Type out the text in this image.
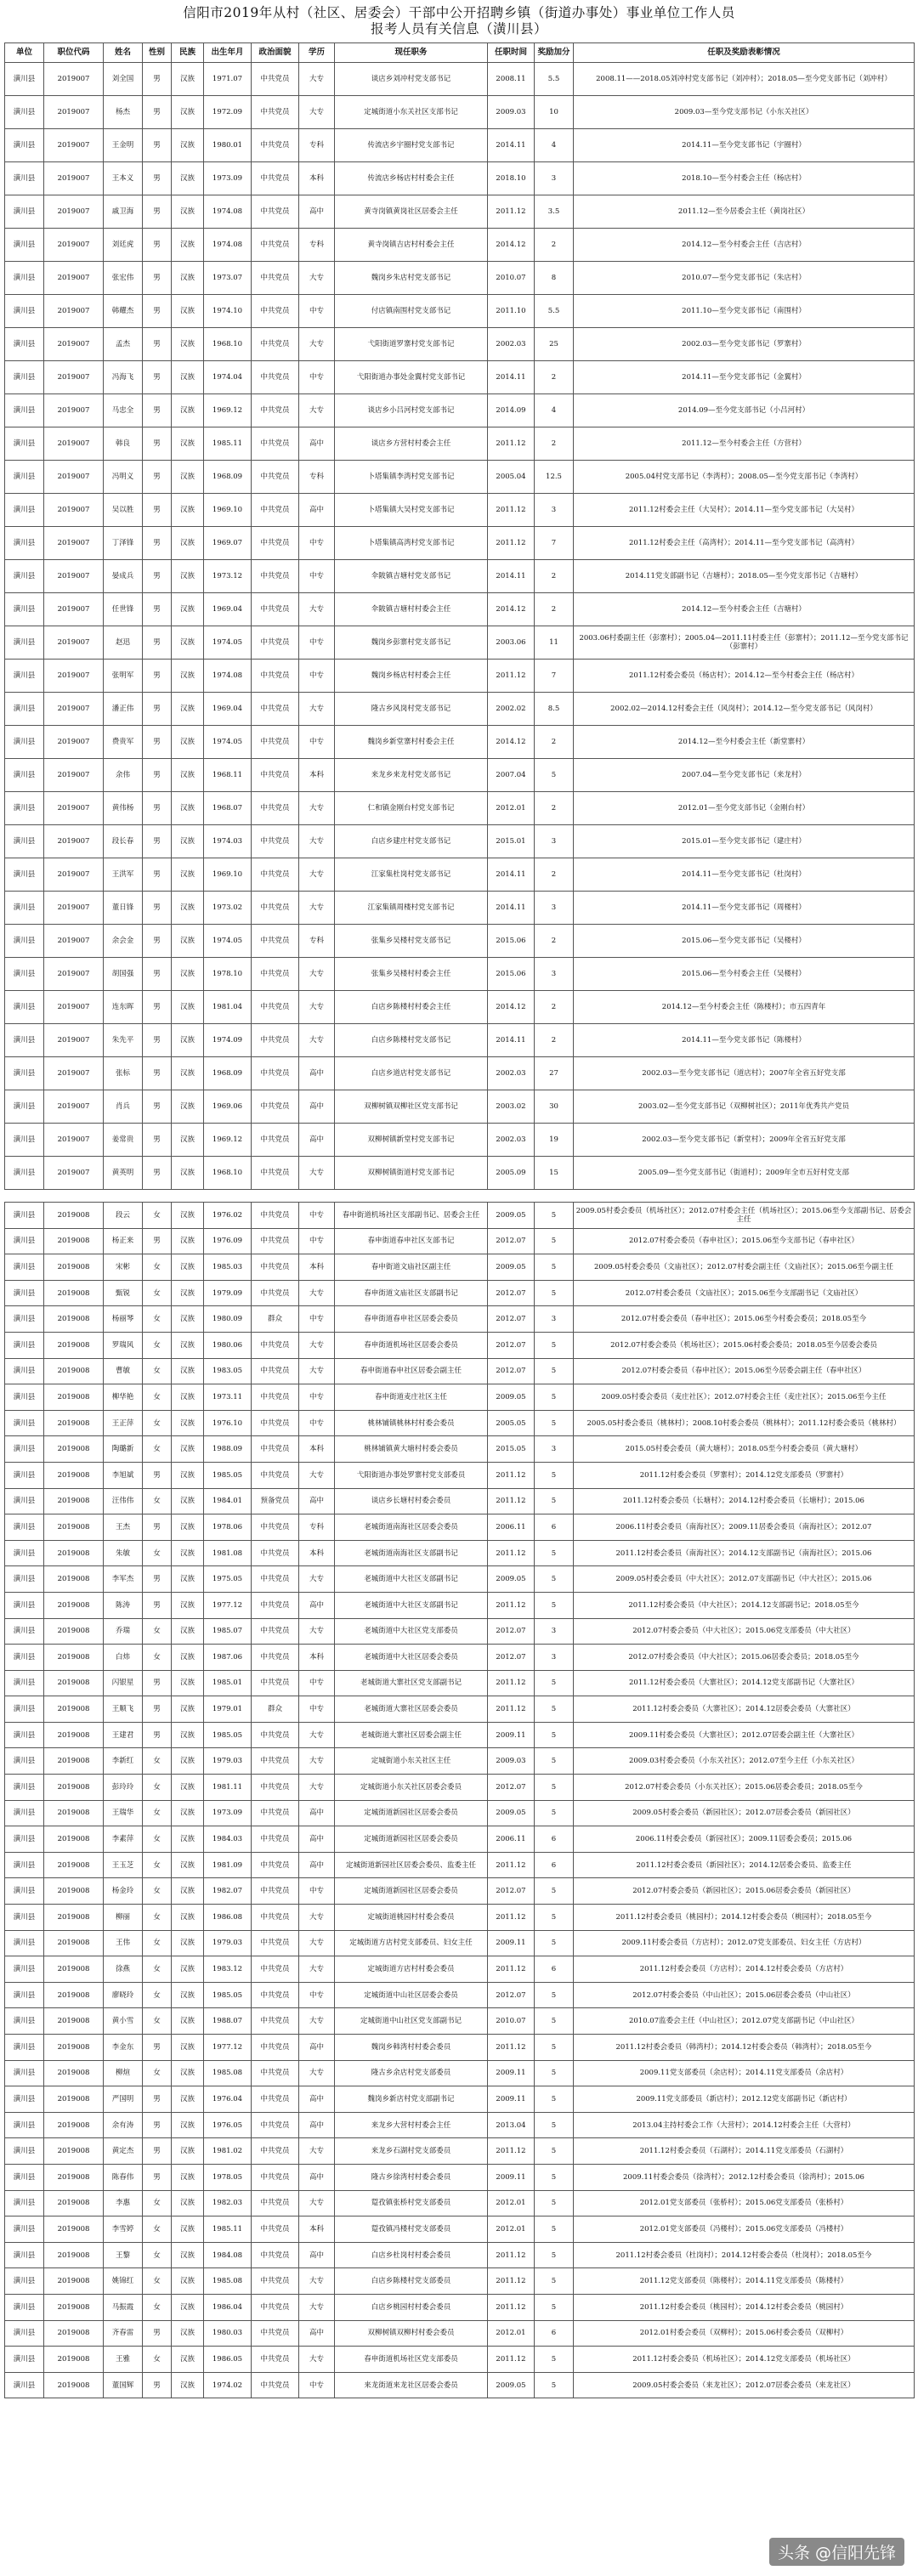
信阳市2019年从村（社区、居委会）干部中公开招聘乡镇（街道办事处）事业单位工作人员
报考人员有关信息（潢川县）
单位	职位代码	姓名	性别	民族	出生年月	政治面貌	学历	现任职务	任职时间	奖励加分	任职及奖励表彰情况
潢川县	2019007	刘全国	男	汉族	1971.07	中共党员	大专	谈店乡刘冲村党支部书记	2008.11	5.5	2008.11——2018.05刘冲村党支部书记（刘冲村）；2018.05—至今党支部书记（刘冲村）
潢川县	2019007	杨杰	男	汉族	1972.09	中共党员	大专	定城街道小东关社区支部书记	2009.03	10	2009.03—至今党支部书记（小东关社区）
潢川县	2019007	王金明	男	汉族	1980.01	中共党员	专科	传流店乡宇圈村党支部书记	2014.11	4	2014.11—至今党支部书记（宇圈村）
潢川县	2019007	王本义	男	汉族	1973.09	中共党员	本科	传流店乡杨店村村委会主任	2018.10	3	2018.10—至今村委会主任（杨店村）
潢川县	2019007	戚卫海	男	汉族	1974.08	中共党员	高中	黄寺岗镇黄岗社区居委会主任	2011.12	3.5	2011.12—至今居委会主任（黄岗社区）
潢川县	2019007	刘廷虎	男	汉族	1974.08	中共党员	专科	黄寺岗镇吉店村村委会主任	2014.12	2	2014.12—至今村委会主任（吉店村）
潢川县	2019007	张宏伟	男	汉族	1973.07	中共党员	大专	魏岗乡朱店村党支部书记	2010.07	8	2010.07—至今党支部书记（朱店村）
潢川县	2019007	韩耀杰	男	汉族	1974.10	中共党员	中专	付店镇南围村党支部书记	2011.10	5.5	2011.10—至今党支部书记（南围村）
潢川县	2019007	孟杰	男	汉族	1968.10	中共党员	大专	弋阳街道罗寨村党支部书记	2002.03	25	2002.03—至今党支部书记（罗寨村）
潢川县	2019007	冯海飞	男	汉族	1974.04	中共党员	中专	弋阳街道办事处金翼村党支部书记	2014.11	2	2014.11—至今党支部书记（金翼村）
潢川县	2019007	马忠全	男	汉族	1969.12	中共党员	大专	谈店乡小吕河村党支部书记	2014.09	4	2014.09—至今党支部书记（小吕河村）
潢川县	2019007	韩良	男	汉族	1985.11	中共党员	高中	谈店乡方营村村委会主任	2011.12	2	2011.12—至今村委会主任（方营村）
潢川县	2019007	冯明义	男	汉族	1968.09	中共党员	专科	卜塔集镇李湾村党支部书记	2005.04	12.5	2005.04村党支部书记（李湾村）；2008.05—至今党支部书记（李湾村）
潢川县	2019007	吴以胜	男	汉族	1969.10	中共党员	高中	卜塔集镇大吴村党支部书记	2011.12	3	2011.12村委会主任（大吴村）；2014.11—至今党支部书记（大吴村）
潢川县	2019007	丁泽锋	男	汉族	1969.07	中共党员	中专	卜塔集镇高湾村党支部书记	2011.12	7	2011.12村委会主任（高湾村）；2014.11—至今党支部书记（高湾村）
潢川县	2019007	晏成兵	男	汉族	1973.12	中共党员	中专	伞陂镇吉塘村党支部书记	2014.11	2	2014.11党支部副书记（吉塘村）；2018.05—至今党支部书记（吉塘村）
潢川县	2019007	任世锋	男	汉族	1969.04	中共党员	大专	伞陂镇吉塘村村委会主任	2014.12	2	2014.12—至今村委会主任（吉塘村）
潢川县	2019007	赵迅	男	汉族	1974.05	中共党员	中专	魏岗乡彭寨村党支部书记	2003.06	11	2003.06村委副主任（彭寨村）；2005.04—2011.11村委主任（彭寨村）；2011.12—至今党支部书记（彭寨村）
潢川县	2019007	张明军	男	汉族	1974.08	中共党员	中专	魏岗乡杨店村村委会主任	2011.12	7	2011.12村委会委员（杨店村）；2014.12—至今村委会主任（杨店村）
潢川县	2019007	潘正伟	男	汉族	1969.04	中共党员	大专	隆古乡风岗村党支部书记	2002.02	8.5	2002.02—2014.12村委会主任（风岗村）；2014.12—至今党支部书记（风岗村）
潢川县	2019007	费贵军	男	汉族	1974.05	中共党员	中专	魏岗乡新堂寨村村委会主任	2014.12	2	2014.12—至今村委会主任（新堂寨村）
潢川县	2019007	余伟	男	汉族	1968.11	中共党员	本科	来龙乡来龙村党支部书记	2007.04	5	2007.04—至今党支部书记（来龙村）
潢川县	2019007	黄伟杨	男	汉族	1968.07	中共党员	大专	仁和镇金刚台村党支部书记	2012.01	2	2012.01—至今党支部书记（金刚台村）
潢川县	2019007	段长春	男	汉族	1974.03	中共党员	大专	白店乡建庄村党支部书记	2015.01	3	2015.01—至今党支部书记（建庄村）
潢川县	2019007	王洪军	男	汉族	1969.10	中共党员	大专	江家集杜岗村党支部书记	2014.11	2	2014.11—至今党支部书记（杜岗村）
潢川县	2019007	董日锋	男	汉族	1973.02	中共党员	大专	江家集镇周楼村党支部书记	2014.11	3	2014.11—至今党支部书记（周楼村）
潢川县	2019007	余会金	男	汉族	1974.05	中共党员	专科	张集乡吴楼村党支部书记	2015.06	2	2015.06—至今党支部书记（吴楼村）
潢川县	2019007	胡国强	男	汉族	1978.10	中共党员	大专	张集乡吴楼村村委会主任	2015.06	3	2015.06—至今村委会主任（吴楼村）
潢川县	2019007	连东晖	男	汉族	1981.04	中共党员	大专	白店乡陈楼村村委会主任	2014.12	2	2014.12—至今村委会主任（陈楼村）；市五四青年
潢川县	2019007	朱先平	男	汉族	1974.09	中共党员	大专	白店乡陈楼村党支部书记	2014.11	2	2014.11—至今党支部书记（陈楼村）
潢川县	2019007	张标	男	汉族	1968.09	中共党员	高中	白店乡道店村党支部书记	2002.03	27	2002.03—至今党支部书记（道店村）；2007年全省五好党支部
潢川县	2019007	肖兵	男	汉族	1969.06	中共党员	高中	双柳树镇双柳社区党支部书记	2003.02	30	2003.02—至今党支部书记（双柳树社区）；2011年优秀共产党员
潢川县	2019007	姜常贵	男	汉族	1969.12	中共党员	高中	双柳树镇新堂村党支部书记	2002.03	19	2002.03—至今党支部书记（新堂村）；2009年全省五好党支部
潢川县	2019007	黄英明	男	汉族	1968.10	中共党员	大专	双柳树镇街道村党支部书记	2005.09	15	2005.09—至今党支部书记（街道村）；2009年全市五好村党支部
潢川县	2019008	段云	女	汉族	1976.02	中共党员	中专	春申街道机场社区支部副书记、居委会主任	2009.05	5	2009.05村委会委员（机场社区）；2012.07村委会主任（机场社区）；2015.06至今支部副书记、居委会主任
潢川县	2019008	杨正来	男	汉族	1976.09	中共党员	中专	春申街道春申社区支部书记	2012.07	5	2012.07村委会委员（春申社区）；2015.06至今支部书记（春申社区）
潢川县	2019008	宋彬	女	汉族	1985.03	中共党员	本科	春申街道文庙社区副主任	2009.05	5	2009.05村委会委员（文庙社区）；2012.07村委会副主任（文庙社区）；2015.06至今副主任
潢川县	2019008	甄锐	女	汉族	1979.09	中共党员	大专	春申街道文庙社区支部副书记	2012.07	5	2012.07村委会委员（文庙社区）；2015.06至今支部副书记（文庙社区）
潢川县	2019008	杨丽琴	女	汉族	1980.09	群众	中专	春申街道春申社区居委会委员	2012.07	3	2012.07村委会委员（春申社区）；2015.06至今村委会委员；2018.05至今
潢川县	2019008	罗瑞风	女	汉族	1980.06	中共党员	大专	春申街道机场社区居委会委员	2012.07	5	2012.07村委会委员（机场社区）；2015.06村委会委员；2018.05至今居委会委员
潢川县	2019008	曹敏	女	汉族	1983.05	中共党员	大专	春申街道春申社区居委会副主任	2012.07	5	2012.07村委会委员（春申社区）；2015.06至今居委会副主任（春申社区）
潢川县	2019008	柳华艳	女	汉族	1973.11	中共党员	中专	春申街道麦庄社区主任	2009.05	5	2009.05村委会委员（麦庄社区）；2012.07村委会主任（麦庄社区）；2015.06至今主任
潢川县	2019008	王正萍	女	汉族	1976.10	中共党员	中专	桃林铺镇桃林村村委会委员	2005.05	5	2005.05村委会委员（桃林村）；2008.10村委会委员（桃林村）；2011.12村委会委员（桃林村）
潢川县	2019008	陶璐新	女	汉族	1988.09	中共党员	本科	桃林铺镇黄大塘村村委会委员	2015.05	3	2015.05村委会委员（黄大塘村）；2018.05至今村委会委员（黄大塘村）
潢川县	2019008	李旭斌	男	汉族	1985.05	中共党员	大专	弋阳街道办事处罗寨村党支部委员	2011.12	5	2011.12村委会委员（罗寨村）；2014.12党支部委员（罗寨村）
潢川县	2019008	汪伟伟	女	汉族	1984.01	预备党员	高中	谈店乡长塘村村委会委员	2011.12	5	2011.12村委会委员（长塘村）；2014.12村委会委员（长塘村）；2015.06
潢川县	2019008	王杰	男	汉族	1978.06	中共党员	专科	老城街道南海社区居委会委员	2006.11	6	2006.11村委会委员（南海社区）；2009.11居委会委员（南海社区）；2012.07
潢川县	2019008	朱敏	女	汉族	1981.08	中共党员	本科	老城街道南海社区支部副书记	2011.12	5	2011.12村委会委员（南海社区）；2014.12支部副书记（南海社区）；2015.06
潢川县	2019008	李军杰	男	汉族	1975.05	中共党员	大专	老城街道中大社区支部副书记	2009.05	5	2009.05村委会委员（中大社区）；2012.07支部副书记（中大社区）；2015.06
潢川县	2019008	陈涛	男	汉族	1977.12	中共党员	高中	老城街道中大社区支部副书记	2011.12	5	2011.12村委会委员（中大社区）；2014.12支部副书记；2018.05至今
潢川县	2019008	乔瑞	女	汉族	1985.07	中共党员	大专	老城街道中大社区党支部委员	2012.07	3	2012.07村委会委员（中大社区）；2015.06党支部委员（中大社区）
潢川县	2019008	白炜	女	汉族	1987.06	中共党员	本科	老城街道中大社区居委会委员	2012.07	3	2012.07村委会委员（中大社区）；2015.06居委会委员；2018.05至今
潢川县	2019008	闪银星	男	汉族	1985.01	中共党员	中专	老城街道大寨社区党支部副书记	2011.12	5	2011.12村委会委员（大寨社区）；2014.12党支部副书记（大寨社区）
潢川县	2019008	王顺飞	男	汉族	1979.01	群众	中专	老城街道大寨社区居委会委员	2011.12	5	2011.12村委会委员（大寨社区）；2014.12居委会委员（大寨社区）
潢川县	2019008	王建君	男	汉族	1985.05	中共党员	大专	老城街道大寨社区居委会副主任	2009.11	5	2009.11村委会委员（大寨社区）；2012.07居委会副主任（大寨社区）
潢川县	2019008	李新红	女	汉族	1979.03	中共党员	大专	定城街道小东关社区主任	2009.03	5	2009.03村委会委员（小东关社区）；2012.07至今主任（小东关社区）
潢川县	2019008	彭玲玲	女	汉族	1981.11	中共党员	大专	定城街道小东关社区居委会委员	2012.07	5	2012.07村委会委员（小东关社区）；2015.06居委会委员；2018.05至今
潢川县	2019008	王瑞华	女	汉族	1973.09	中共党员	高中	定城街道新园社区居委会委员	2009.05	5	2009.05村委会委员（新园社区）；2012.07居委会委员（新园社区）
潢川县	2019008	李素萍	女	汉族	1984.03	中共党员	高中	定城街道新园社区居委会委员	2006.11	6	2006.11村委会委员（新园社区）；2009.11居委会委员；2015.06
潢川县	2019008	王玉芝	女	汉族	1981.09	中共党员	高中	定城街道新园社区居委会委员、监委主任	2011.12	6	2011.12村委会委员（新园社区）；2014.12居委会委员、监委主任
潢川县	2019008	杨金玲	女	汉族	1982.07	中共党员	中专	定城街道新园社区居委会委员	2012.07	5	2012.07村委会委员（新园社区）；2015.06居委会委员（新园社区）
潢川县	2019008	柳丽	女	汉族	1986.08	中共党员	大专	定城街道桃园村村委会委员	2011.12	5	2011.12村委会委员（桃园村）；2014.12村委会委员（桃园村）；2018.05至今
潢川县	2019008	王伟	女	汉族	1979.03	中共党员	大专	定城街道方店村党支部委员、妇女主任	2009.11	5	2009.11村委会委员（方店村）；2012.07党支部委员、妇女主任（方店村）
潢川县	2019008	徐燕	女	汉族	1983.12	中共党员	大专	定城街道方店村村委会委员	2011.12	6	2011.12村委会委员（方店村）；2014.12村委会委员（方店村）
潢川县	2019008	廖晓玲	女	汉族	1985.05	中共党员	中专	定城街道中山社区居委会委员	2012.07	5	2012.07村委会委员（中山社区）；2015.06居委会委员（中山社区）
潢川县	2019008	黄小雪	女	汉族	1988.07	中共党员	大专	定城街道中山社区党支部副书记	2010.07	5	2010.07监委会主任（中山社区）；2012.07党支部副书记（中山社区）
潢川县	2019008	李金东	男	汉族	1977.12	中共党员	高中	魏岗乡韩湾村村委会委员	2011.12	5	2011.12村委会委员（韩湾村）；2014.12村委会委员（韩湾村）；2018.05至今
潢川县	2019008	柳煊	女	汉族	1985.08	中共党员	大专	隆古乡余店村党支部委员	2009.11	5	2009.11党支部委员（余店村）；2014.11党支部委员（余店村）
潢川县	2019008	严国明	男	汉族	1976.04	中共党员	高中	魏岗乡新店村党支部副书记	2009.11	5	2009.11党支部委员（新店村）；2012.12党支部副书记（新店村）
潢川县	2019008	余有涛	男	汉族	1976.05	中共党员	高中	来龙乡大营村村委会主任	2013.04	5	2013.04主持村委会工作（大营村）；2014.12村委会主任（大营村）
潢川县	2019008	黄定杰	男	汉族	1981.02	中共党员	大专	来龙乡石湖村党支部委员	2011.12	5	2011.12村委会委员（石湖村）；2014.11党支部委员（石湖村）
潢川县	2019008	陈春伟	男	汉族	1978.05	中共党员	高中	隆古乡徐湾村村委会委员	2009.11	5	2009.11村委会委员（徐湾村）；2012.12村委会委员（徐湾村）；2015.06
潢川县	2019008	李惠	女	汉族	1982.03	中共党员	大专	踅孜镇张桥村党支部委员	2012.01	5	2012.01党支部委员（张桥村）；2015.06党支部委员（张桥村）
潢川县	2019008	李雪婷	女	汉族	1985.11	中共党员	本科	踅孜镇冯楼村党支部委员	2012.01	5	2012.01党支部委员（冯楼村）；2015.06党支部委员（冯楼村）
潢川县	2019008	王黎	女	汉族	1984.08	中共党员	高中	白店乡杜岗村村委会委员	2011.12	5	2011.12村委会委员（杜岗村）；2014.12村委会委员（杜岗村）；2018.05至今
潢川县	2019008	姚锦红	女	汉族	1985.08	中共党员	大专	白店乡陈楼村党支部委员	2011.12	5	2011.12党支部委员（陈楼村）；2014.11党支部委员（陈楼村）
潢川县	2019008	马振霞	女	汉族	1986.04	中共党员	大专	白店乡桃园村村委会委员	2011.12	5	2011.12村委会委员（桃园村）；2014.12村委会委员（桃园村）
潢川县	2019008	齐春雷	男	汉族	1980.03	中共党员	高中	双柳树镇双柳村村委会委员	2012.01	6	2012.01村委会委员（双柳村）；2015.06村委会委员（双柳村）
潢川县	2019008	王雅	女	汉族	1986.05	中共党员	大专	春申街道机场社区党支部委员	2011.12	5	2011.12村委会委员（机场社区）；2014.12党支部委员（机场社区）
潢川县	2019008	董国辉	男	汉族	1974.02	中共党员	中专	来龙街道来龙社区居委会委员	2009.05	5	2009.05村委会委员（来龙社区）；2012.07居委会委员（来龙社区）
头条 @信阳先锋
